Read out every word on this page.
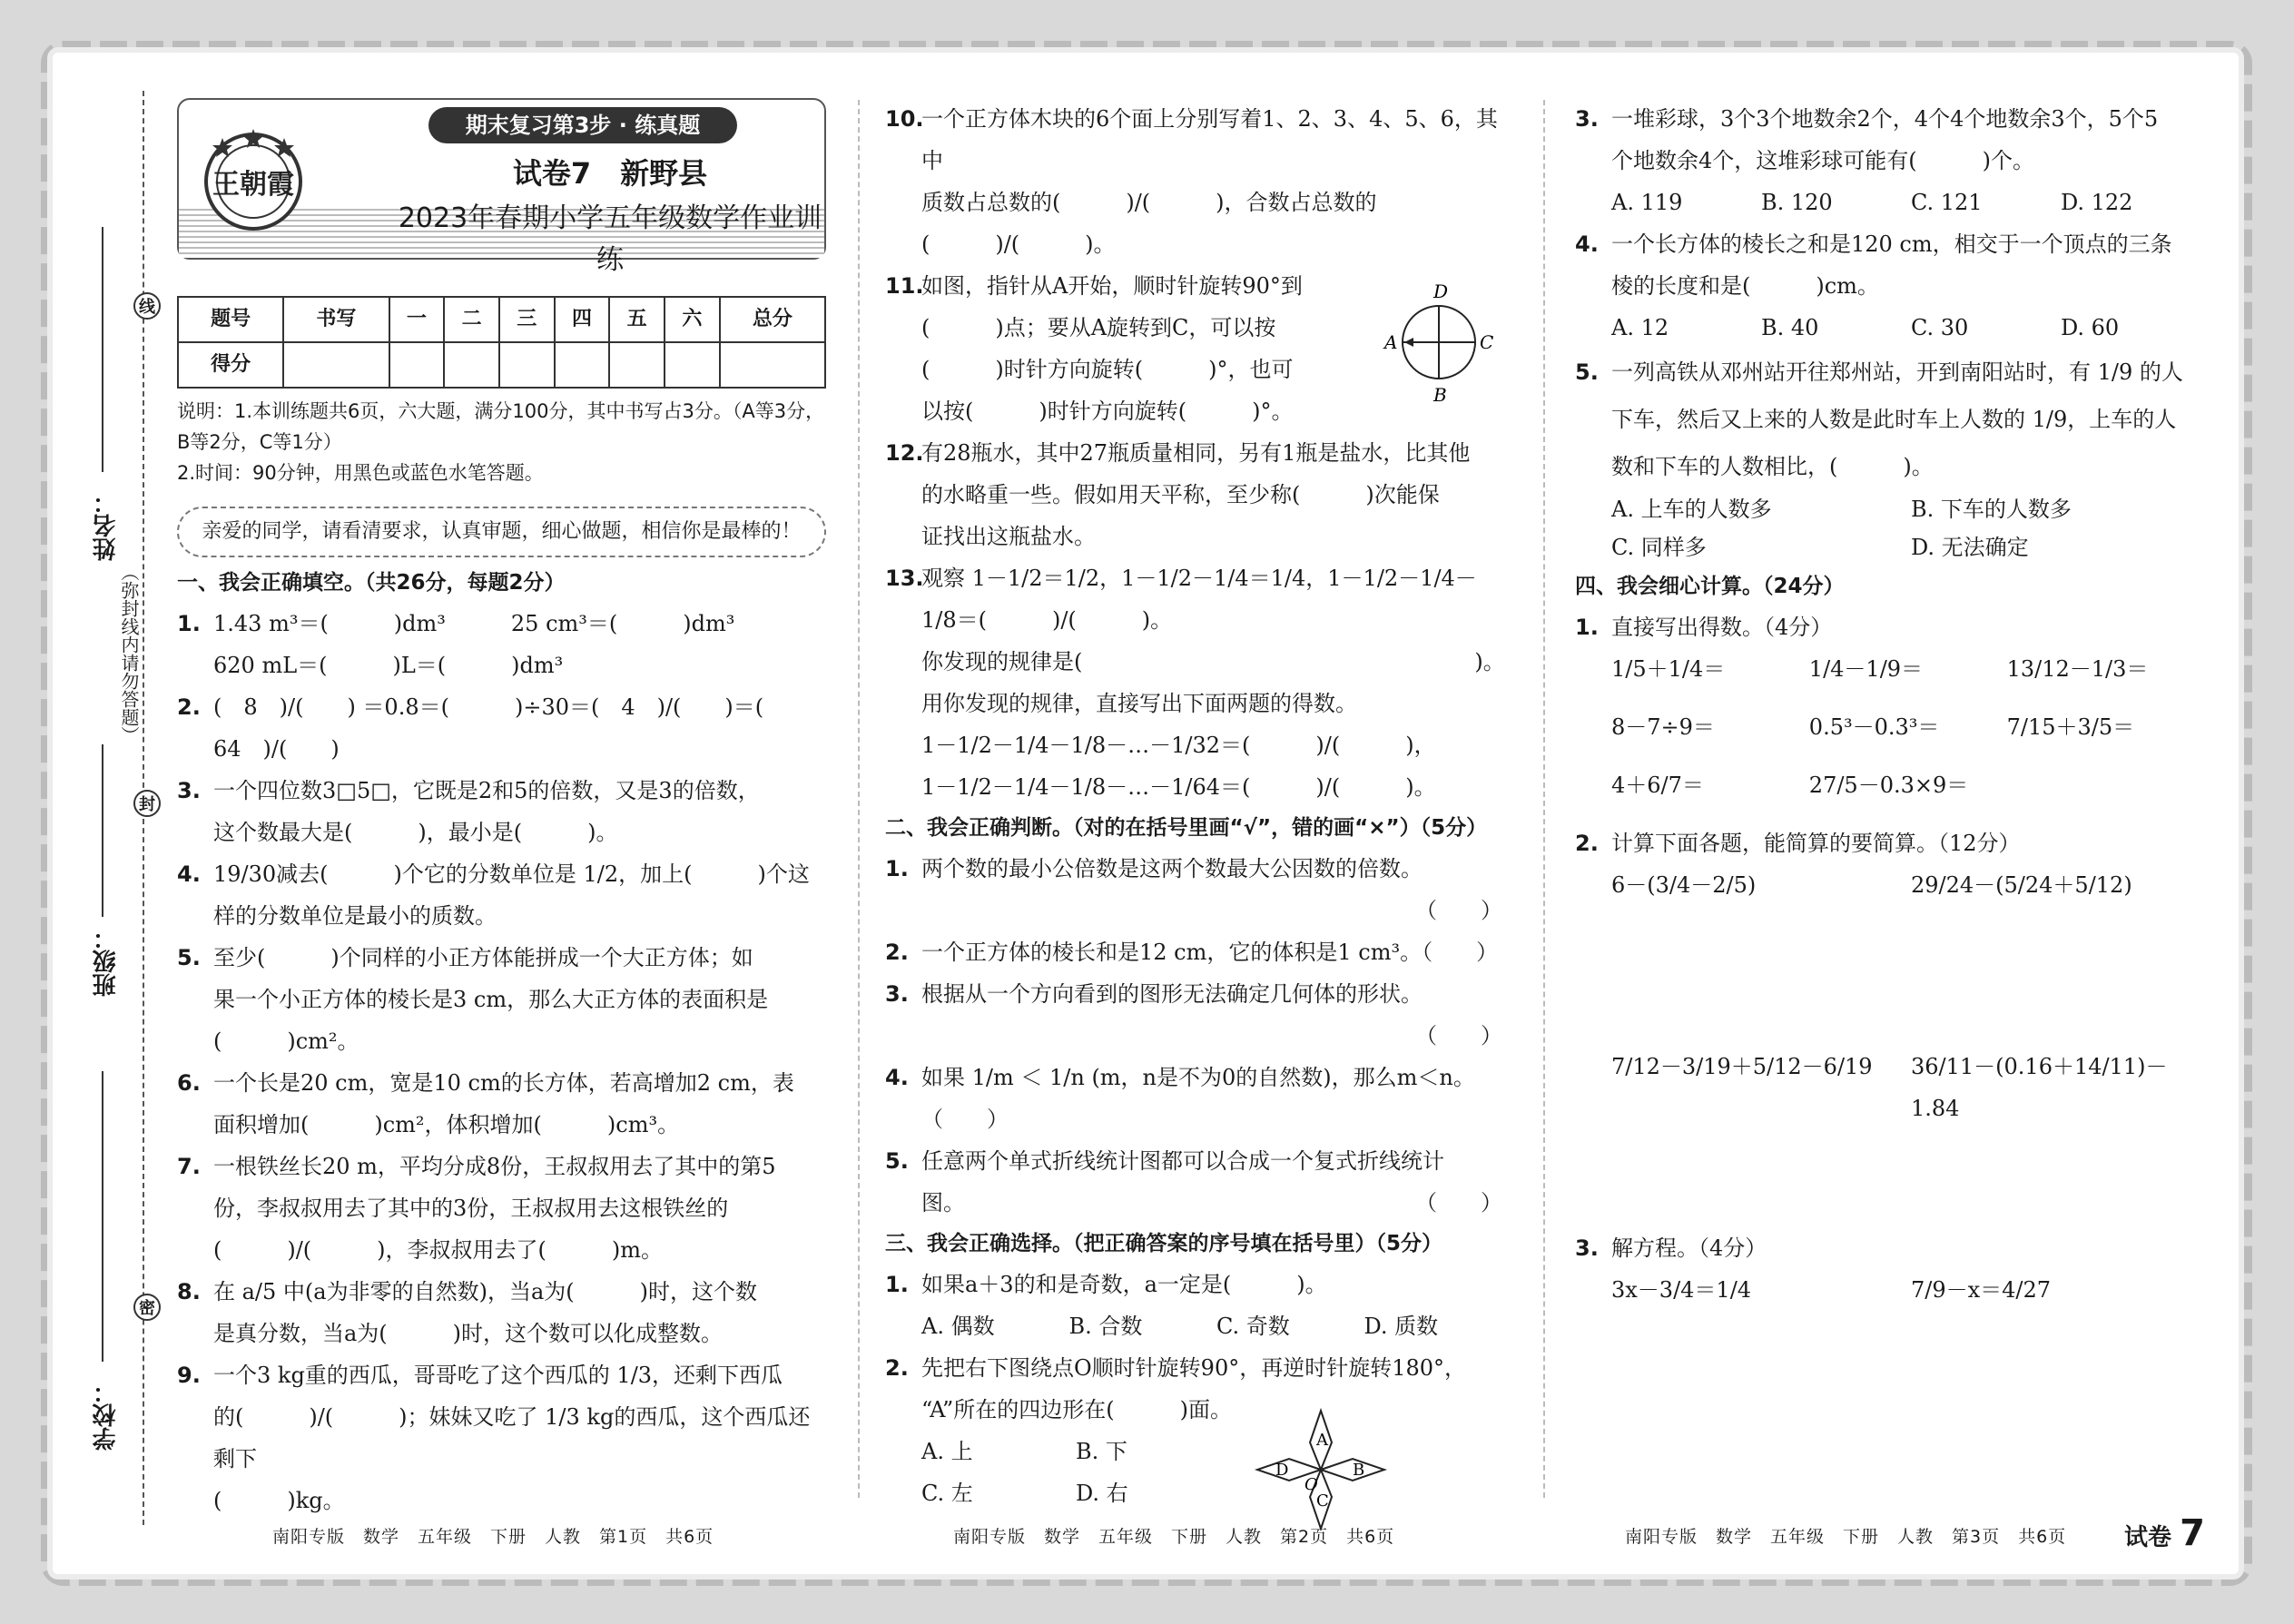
线
封
密
（弥封线内请勿答题）
姓名：
班级：
学校：
王朝霞
期末复习第3步 · 练真题
试卷7　新野县
2023年春期小学五年级数学作业训练
题号	书写	一	二	三	四	五	六	总分
得分								
说明：1.本训练题共6页，六大题，满分100分，其中书写占3分。（A等3分，B等2分，C等1分）
2.时间：90分钟，用黑色或蓝色水笔答题。
亲爱的同学，请看清要求，认真审题，细心做题，相信你是最棒的！
一、我会正确填空。（共26分，每题2分）
1. 1.43 m³＝(　　　)dm³　　　25 cm³＝(　　　)dm³
620 mL＝(　　　)L＝(　　　)dm³
2. (　8　)/(　　) ＝0.8＝(　　　)÷30＝(　4　)/(　　)＝(　64　)/(　　)
3. 一个四位数3□5□，它既是2和5的倍数，又是3的倍数，
这个数最大是(　　　)，最小是(　　　)。
4. 19/30减去(　　　)个它的分数单位是 1/2，加上(　　　)个这
样的分数单位是最小的质数。
5. 至少(　　　)个同样的小正方体能拼成一个大正方体；如
果一个小正方体的棱长是3 cm，那么大正方体的表面积是
(　　　)cm²。
6. 一个长是20 cm，宽是10 cm的长方体，若高增加2 cm，表
面积增加(　　　)cm²，体积增加(　　　)cm³。
7. 一根铁丝长20 m，平均分成8份，王叔叔用去了其中的第5
份，李叔叔用去了其中的3份，王叔叔用去这根铁丝的
(　　　)/(　　　)，李叔叔用去了(　　　)m。
8. 在 a/5 中(a为非零的自然数)，当a为(　　　)时，这个数
是真分数，当a为(　　　)时，这个数可以化成整数。
9. 一个3 kg重的西瓜，哥哥吃了这个西瓜的 1/3，还剩下西瓜
的(　　　)/(　　　)；妹妹又吃了 1/3 kg的西瓜，这个西瓜还剩下
(　　　)kg。
10.
一个正方体木块的6个面上分别写着1、2、3、4、5、6，其中
质数占总数的(　　　)/(　　　)，合数占总数的(　　　)/(　　　)。
11.
如图，指针从A开始，顺时针旋转90°到
(　　　)点；要从A旋转到C，可以按
(　　　)时针方向旋转(　　　)°，也可
以按(　　　)时针方向旋转(　　　)°。
D
A	C
B
12.
有28瓶水，其中27瓶质量相同，另有1瓶是盐水，比其他
的水略重一些。假如用天平称，至少称(　　　)次能保
证找出这瓶盐水。
13.
观察 1－1/2＝1/2，1－1/2－1/4＝1/4，1－1/2－1/4－1/8＝(　　　)/(　　　)。
你发现的规律是(　　　　　　　　　　　　　　　　　　)。
用你发现的规律，直接写出下面两题的得数。
1－1/2－1/4－1/8－…－1/32＝(　　　)/(　　　)，
1－1/2－1/4－1/8－…－1/64＝(　　　)/(　　　)。
二、我会正确判断。（对的在括号里画“√”，错的画“×”）（5分）
1. 两个数的最小公倍数是这两个数最大公因数的倍数。
（　　）
2. 一个正方体的棱长和是12 cm，它的体积是1 cm³。（　　）
3. 根据从一个方向看到的图形无法确定几何体的形状。
（　　）
4. 如果 1/m ＜ 1/n (m，n是不为0的自然数)，那么m＜n。（　　）
5. 任意两个单式折线统计图都可以合成一个复式折线统计
图。	（　　）
三、我会正确选择。（把正确答案的序号填在括号里）（5分）
1. 如果a＋3的和是奇数，a一定是(　　　)。
A. 偶数	B. 合数	C. 奇数	D. 质数
2. 先把右下图绕点O顺时针旋转90°，再逆时针旋转180°，
“A”所在的四边形在(　　　)面。
A. 上	B. 下
C. 左	D. 右
A
D
O
B
C
3. 一堆彩球，3个3个地数余2个，4个4个地数余3个，5个5
个地数余4个，这堆彩球可能有(　　　)个。
A. 119	B. 120	C. 121	D. 122
4. 一个长方体的棱长之和是120 cm，相交于一个顶点的三条
棱的长度和是(　　　)cm。
A. 12	B. 40	C. 30	D. 60
5. 一列高铁从邓州站开往郑州站，开到南阳站时，有 1/9 的人
下车，然后又上来的人数是此时车上人数的 1/9，上车的人
数和下车的人数相比，(　　　)。
A. 上车的人数多	B. 下车的人数多
C. 同样多	D. 无法确定
四、我会细心计算。（24分）
1. 直接写出得数。（4分）
1/5＋1/4＝	1/4－1/9＝	13/12－1/3＝
8－7÷9＝	0.5³－0.3³＝	7/15＋3/5＝
4＋6/7＝	27/5－0.3×9＝
2. 计算下面各题，能简算的要简算。（12分）
6－(3/4－2/5)	29/24－(5/24＋5/12)
7/12－3/19＋5/12－6/19	36/11－(0.16＋14/11)－1.84
3. 解方程。（4分）
3x－3/4＝1/4	7/9－x＝4/27
南阳专版　数学　五年级　下册　人教　第1页　共6页	南阳专版　数学　五年级　下册　人教　第2页　共6页	南阳专版　数学　五年级　下册　人教　第3页　共6页 试卷 7
